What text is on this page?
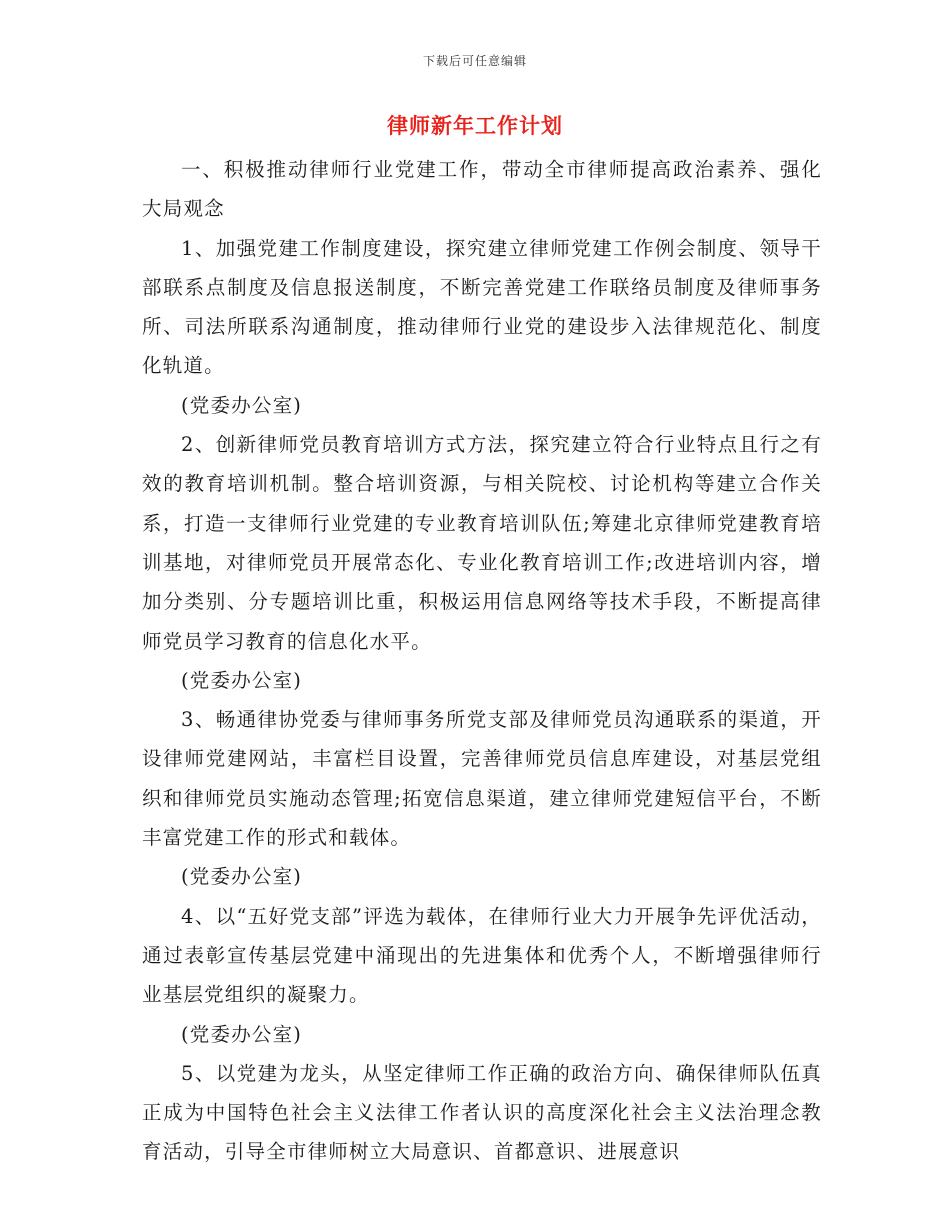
下载后可任意编辑
律师新年工作计划

一、积极推动律师行业党建工作，带动全市律师提高政治素养、强化大局观念

1、加强党建工作制度建设，探究建立律师党建工作例会制度、领导干部联系点制度及信息报送制度，不断完善党建工作联络员制度及律师事务所、司法所联系沟通制度，推动律师行业党的建设步入法律规范化、制度化轨道。

(党委办公室)

2、创新律师党员教育培训方式方法，探究建立符合行业特点且行之有效的教育培训机制。整合培训资源，与相关院校、讨论机构等建立合作关系，打造一支律师行业党建的专业教育培训队伍;筹建北京律师党建教育培训基地，对律师党员开展常态化、专业化教育培训工作;改进培训内容，增加分类别、分专题培训比重，积极运用信息网络等技术手段，不断提高律师党员学习教育的信息化水平。

(党委办公室)

3、畅通律协党委与律师事务所党支部及律师党员沟通联系的渠道，开设律师党建网站，丰富栏目设置，完善律师党员信息库建设，对基层党组织和律师党员实施动态管理;拓宽信息渠道，建立律师党建短信平台，不断丰富党建工作的形式和载体。

(党委办公室)

4、以“五好党支部”评选为载体，在律师行业大力开展争先评优活动，通过表彰宣传基层党建中涌现出的先进集体和优秀个人，不断增强律师行业基层党组织的凝聚力。

(党委办公室)

5、以党建为龙头，从坚定律师工作正确的政治方向、确保律师队伍真正成为中国特色社会主义法律工作者认识的高度深化社会主义法治理念教育活动，引导全市律师树立大局意识、首都意识、进展意识
